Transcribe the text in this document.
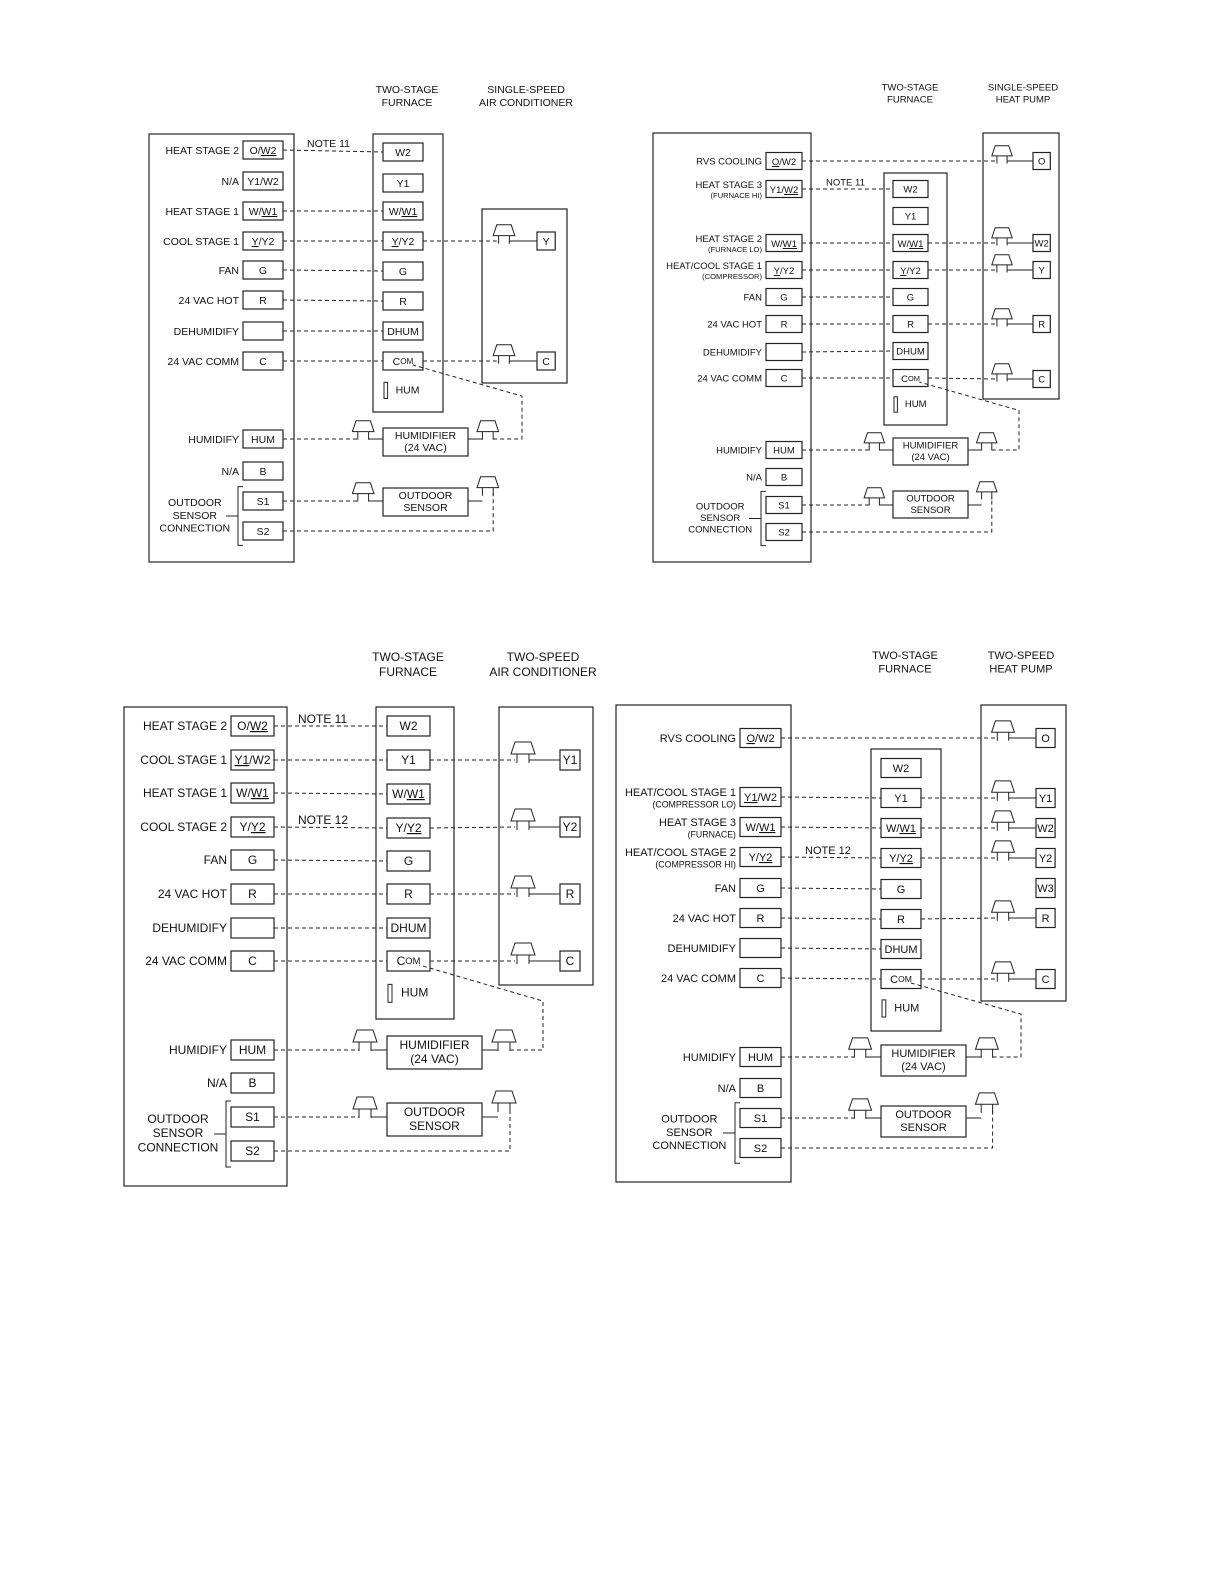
TWO-STAGE
FURNACE
SINGLE-SPEED
AIR CONDITIONER
W2
Y1
W/W1
Y/Y2
G
R
DHUM
COM
HUM
Y
C
HUMIDIFIER
(24 VAC)
OUTDOOR
SENSOR
O/W2
HEAT STAGE 2
NOTE 11
Y1/W2
N/A
W/W1
HEAT STAGE 1
Y/Y2
COOL STAGE 1
G
FAN
R
24 VAC HOT
DEHUMIDIFY
C
24 VAC COMM
HUM
HUMIDIFY
B
N/A
S1
S2
OUTDOOR
SENSOR
CONNECTION
TWO-STAGE
FURNACE
SINGLE-SPEED
HEAT PUMP
W2
Y1
W/W1
Y/Y2
G
R
DHUM
COM
HUM
O
W2
Y
R
C
HUMIDIFIER
(24 VAC)
OUTDOOR
SENSOR
O/W2
RVS COOLING
Y1/W2
HEAT STAGE 3
(FURNACE HI)
NOTE 11
W/W1
HEAT STAGE 2
(FURNACE LO)
Y/Y2
HEAT/COOL STAGE 1
(COMPRESSOR)
G
FAN
R
24 VAC HOT
DEHUMIDIFY
C
24 VAC COMM
HUM
HUMIDIFY
B
N/A
S1
S2
OUTDOOR
SENSOR
CONNECTION
TWO-STAGE
FURNACE
TWO-SPEED
AIR CONDITIONER
W2
Y1
W/W1
Y/Y2
G
R
DHUM
COM
HUM
Y1
Y2
R
C
HUMIDIFIER
(24 VAC)
OUTDOOR
SENSOR
O/W2
HEAT STAGE 2	NOTE 11
Y1/W2
COOL STAGE 1
W/W1
HEAT STAGE 1
Y/Y2
COOL STAGE 2	NOTE 12
G
FAN
R
24 VAC HOT
DEHUMIDIFY
C
24 VAC COMM
HUM
HUMIDIFY
B
N/A
S1
S2
OUTDOOR
SENSOR
CONNECTION
TWO-STAGE
FURNACE
TWO-SPEED
HEAT PUMP
W2
Y1
W/W1
Y/Y2
G
R
DHUM
COM
HUM
O
Y1
W2
Y2
W3
R
C
HUMIDIFIER
(24 VAC)
OUTDOOR
SENSOR
O/W2
RVS COOLING
Y1/W2
HEAT/COOL STAGE 1
(COMPRESSOR LO)
W/W1
HEAT STAGE 3
(FURNACE)
Y/Y2
HEAT/COOL STAGE 2
(COMPRESSOR HI)
NOTE 12
G
FAN
R
24 VAC HOT
DEHUMIDIFY
C
24 VAC COMM
HUM
HUMIDIFY
B
N/A
S1
S2
OUTDOOR
SENSOR
CONNECTION
